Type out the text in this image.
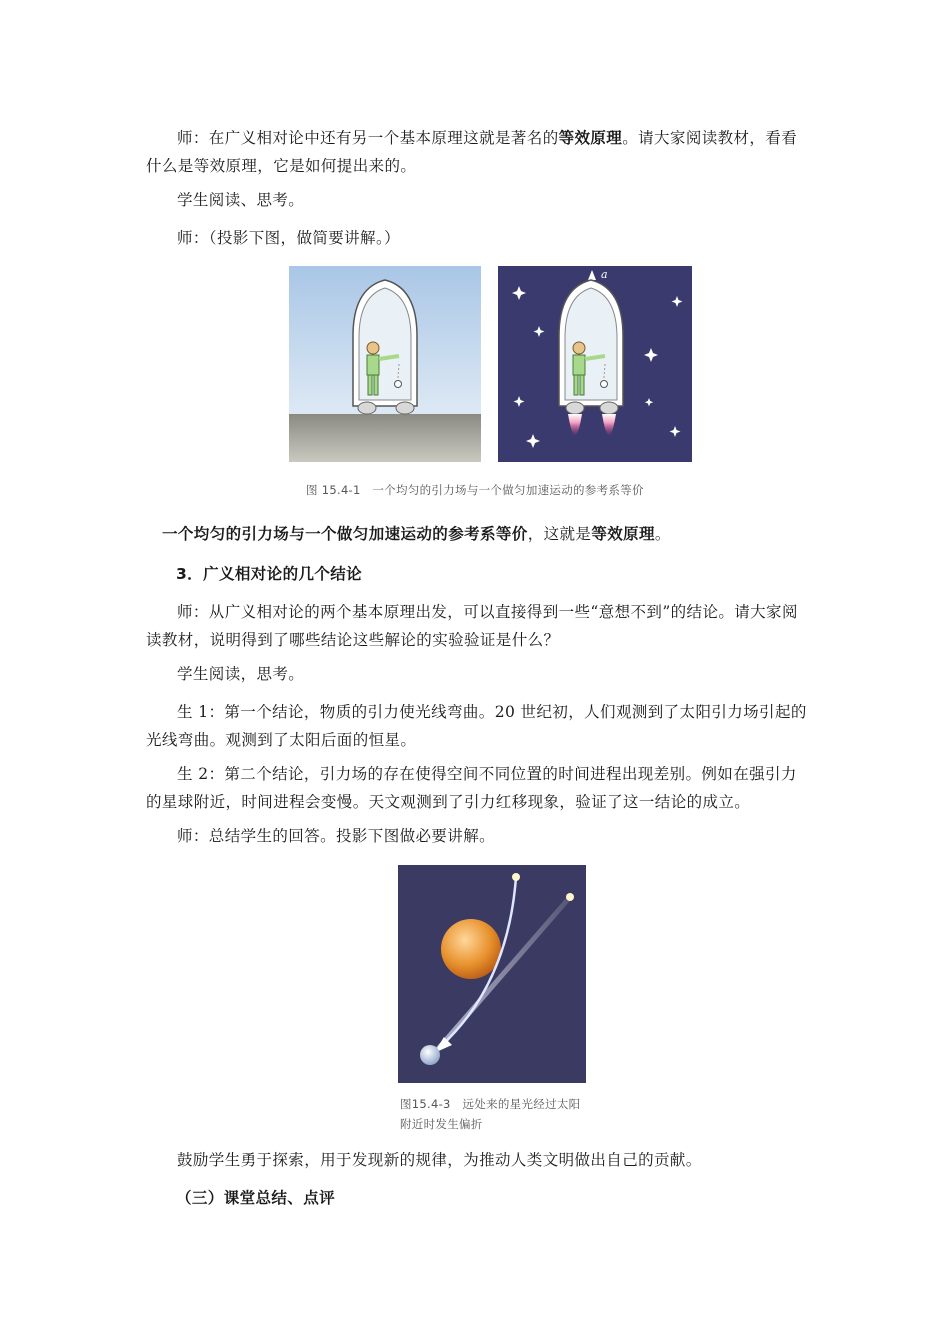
师：在广义相对论中还有另一个基本原理这就是著名的等效原理。请大家阅读教材，看看什么是等效原理，它是如何提出来的。

学生阅读、思考。

师：（投影下图，做简要讲解。）

a
图 15.4-1　一个均匀的引力场与一个做匀加速运动的参考系等价

一个均匀的引力场与一个做匀加速运动的参考系等价，这就是等效原理。

3．广义相对论的几个结论

师：从广义相对论的两个基本原理出发，可以直接得到一些“意想不到”的结论。请大家阅读教材，说明得到了哪些结论这些解论的实验验证是什么？

学生阅读，思考。

生 1：第一个结论，物质的引力使光线弯曲。20 世纪初，人们观测到了太阳引力场引起的光线弯曲。观测到了太阳后面的恒星。

生 2：第二个结论，引力场的存在使得空间不同位置的时间进程出现差别。例如在强引力的星球附近，时间进程会变慢。天文观测到了引力红移现象，验证了这一结论的成立。

师：总结学生的回答。投影下图做必要讲解。

图15.4-3　远处来的星光经过太阳
附近时发生偏折

鼓励学生勇于探索，用于发现新的规律，为推动人类文明做出自己的贡献。

（三）课堂总结、点评
